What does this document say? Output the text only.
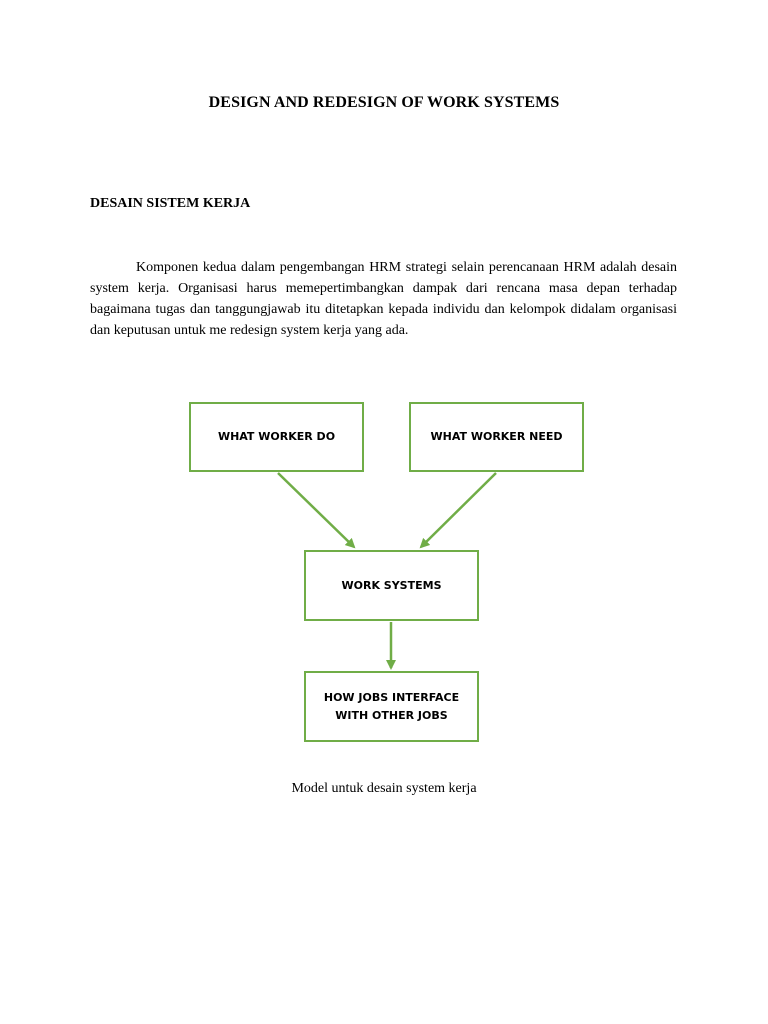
DESIGN AND REDESIGN OF WORK SYSTEMS
DESAIN SISTEM KERJA

Komponen kedua dalam pengembangan HRM strategi selain perencanaan HRM adalah desain system kerja. Organisasi harus memepertimbangkan dampak dari rencana masa depan terhadap bagaimana tugas dan tanggungjawab itu ditetapkan kepada individu dan kelompok didalam organisasi dan keputusan untuk me redesign system kerja yang ada.

WHAT WORKER DO	WHAT WORKER NEED
WORK SYSTEMS
HOW JOBS INTERFACE
WITH OTHER JOBS

Model untuk desain system kerja
